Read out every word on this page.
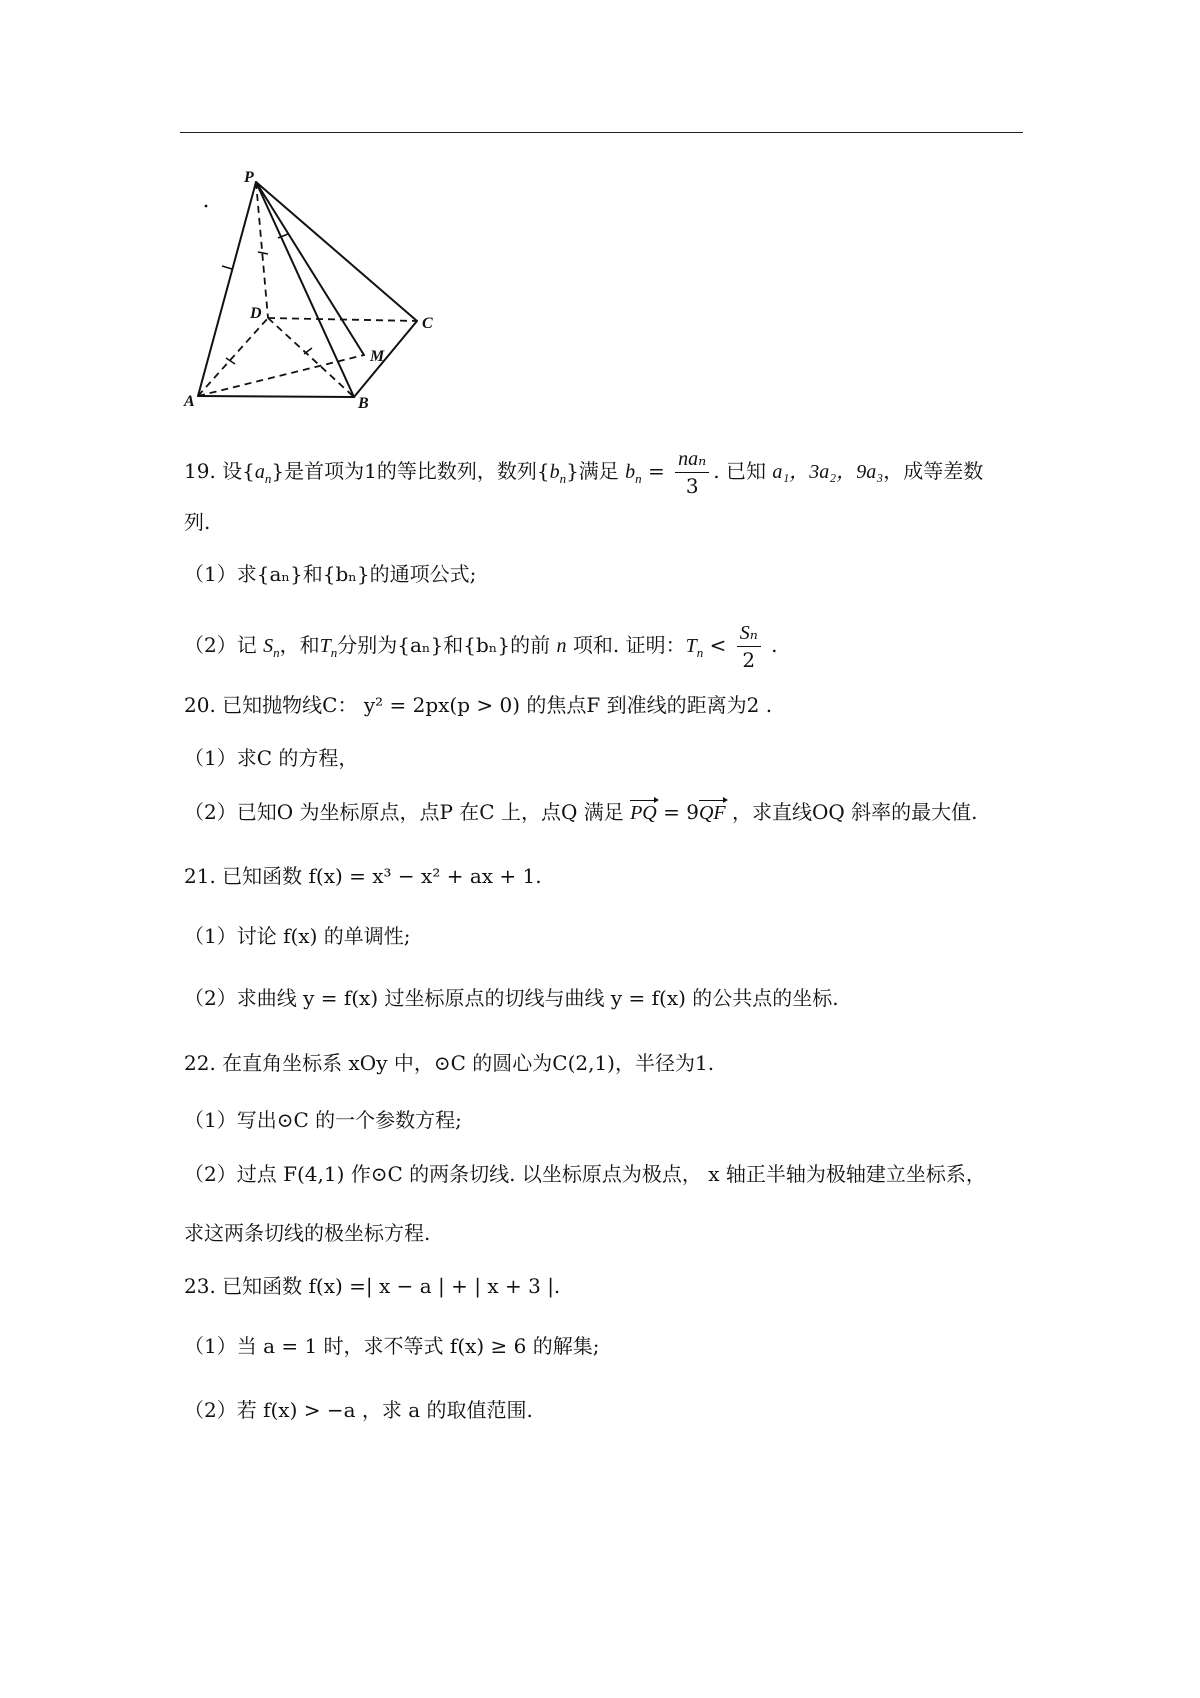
P
A	B
C
D
M
19. 设$\{a_n\}$是首项为1的等比数列，数列$\{b_n\}$满足 $b_n = \frac{\text{naₙ}}{3}$ . 已知 a₁，3a₂，9a₃，成等差数
列.
（1）求{aₙ}和{bₙ}的通项公式;
（2）记 $S_n$，和$T_n$分别为{aₙ}和{bₙ}的前 n 项和. 证明：$T_n < \frac{\text{Sₙ}}{2}$ .
20. 已知抛物线C： y² = 2px(p > 0) 的焦点F 到准线的距离为2 .
（1）求C 的方程，
（2）已知O 为坐标原点，点P 在C 上，点Q 满足 PQ = 9QF ，求直线OQ 斜率的最大值.
21. 已知函数 f(x) = x³ − x² + ax + 1.
（1）讨论 f(x) 的单调性;
（2）求曲线 y = f(x) 过坐标原点的切线与曲线 y = f(x) 的公共点的坐标.
22. 在直角坐标系 xOy 中，⊙C 的圆心为C(2,1)，半径为1.
（1）写出⊙C 的一个参数方程;
（2）过点 F(4,1) 作⊙C 的两条切线. 以坐标原点为极点， x 轴正半轴为极轴建立坐标系，
求这两条切线的极坐标方程.
23. 已知函数 f(x) =| x − a | + | x + 3 |.
（1）当 a = 1 时，求不等式 f(x) ≥ 6 的解集;
（2）若 f(x) > −a ，求 a 的取值范围.
